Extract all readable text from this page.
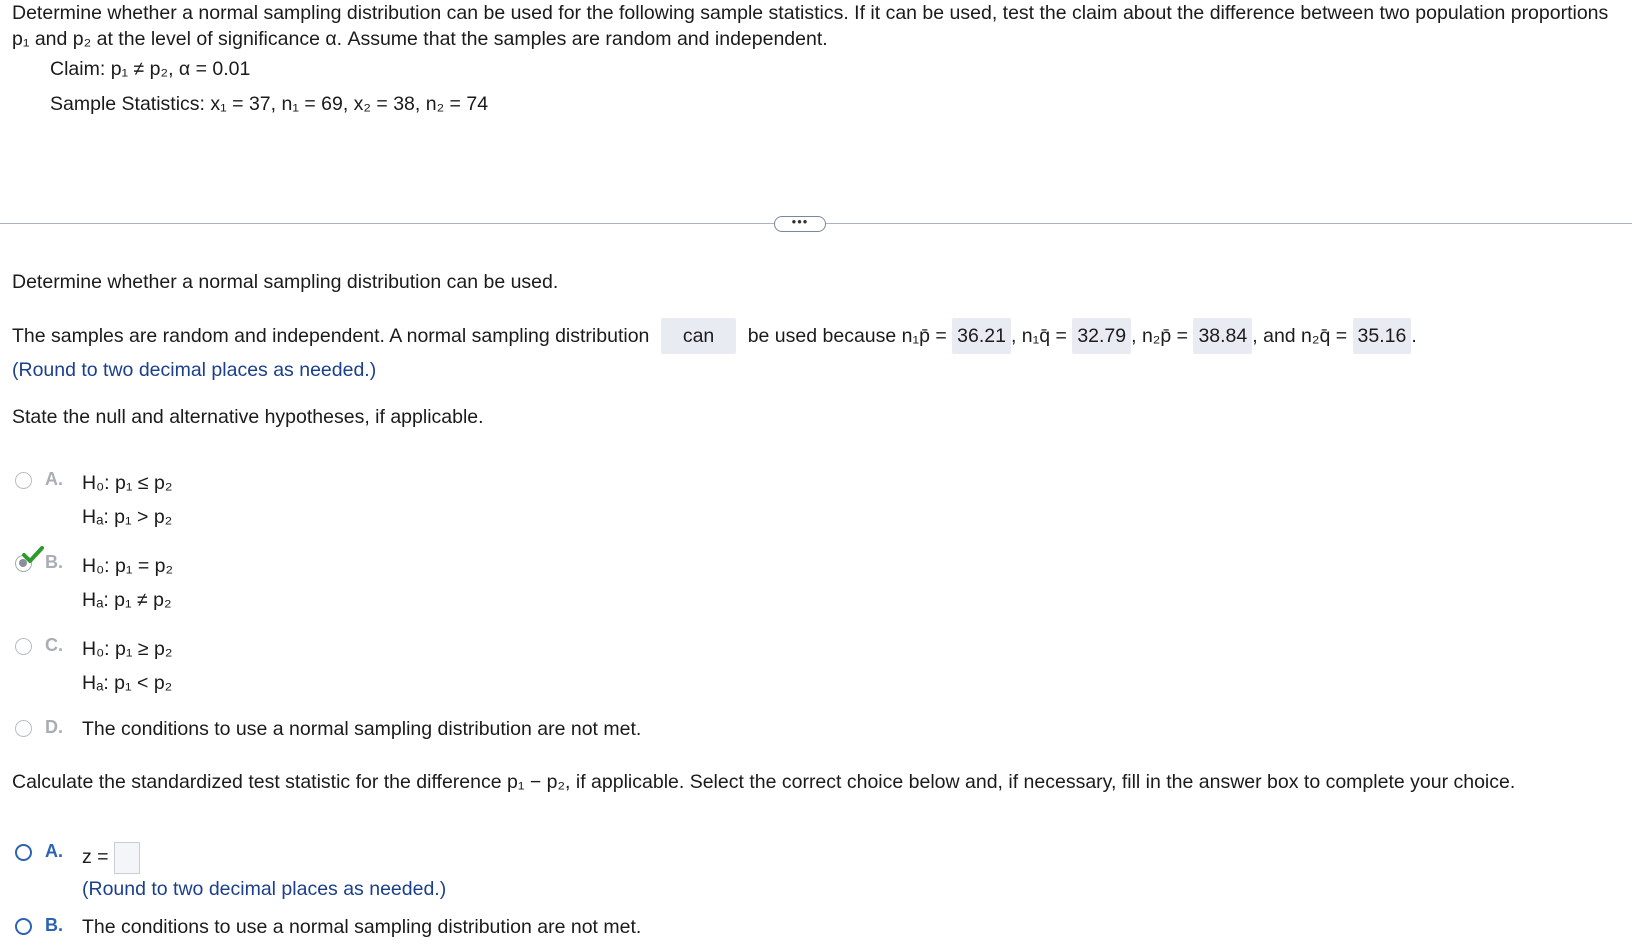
Determine whether a normal sampling distribution can be used for the following sample statistics. If it can be used, test the claim about the difference between two population proportions p₁ and p₂ at the level of significance α. Assume that the samples are random and independent.
Claim: p₁ ≠ p₂, α = 0.01
Sample Statistics: x₁ = 37, n₁ = 69, x₂ = 38, n₂ = 74
•••
Determine whether a normal sampling distribution can be used.
The samples are random and independent. A normal sampling distribution can be used because n₁p̄ = 36.21 , n₁q̄ = 32.79 , n₂p̄ = 38.84 , and n₂q̄ = 35.16 .
(Round to two decimal places as needed.)
State the null and alternative hypotheses, if applicable.
A. H₀: p₁ ≤ p₂
Hₐ: p₁ > p₂
B. H₀: p₁ = p₂
Hₐ: p₁ ≠ p₂
C. H₀: p₁ ≥ p₂
Hₐ: p₁ < p₂
D. The conditions to use a normal sampling distribution are not met.
Calculate the standardized test statistic for the difference p₁ − p₂, if applicable. Select the correct choice below and, if necessary, fill in the answer box to complete your choice.
A. z =
(Round to two decimal places as needed.)
B. The conditions to use a normal sampling distribution are not met.
